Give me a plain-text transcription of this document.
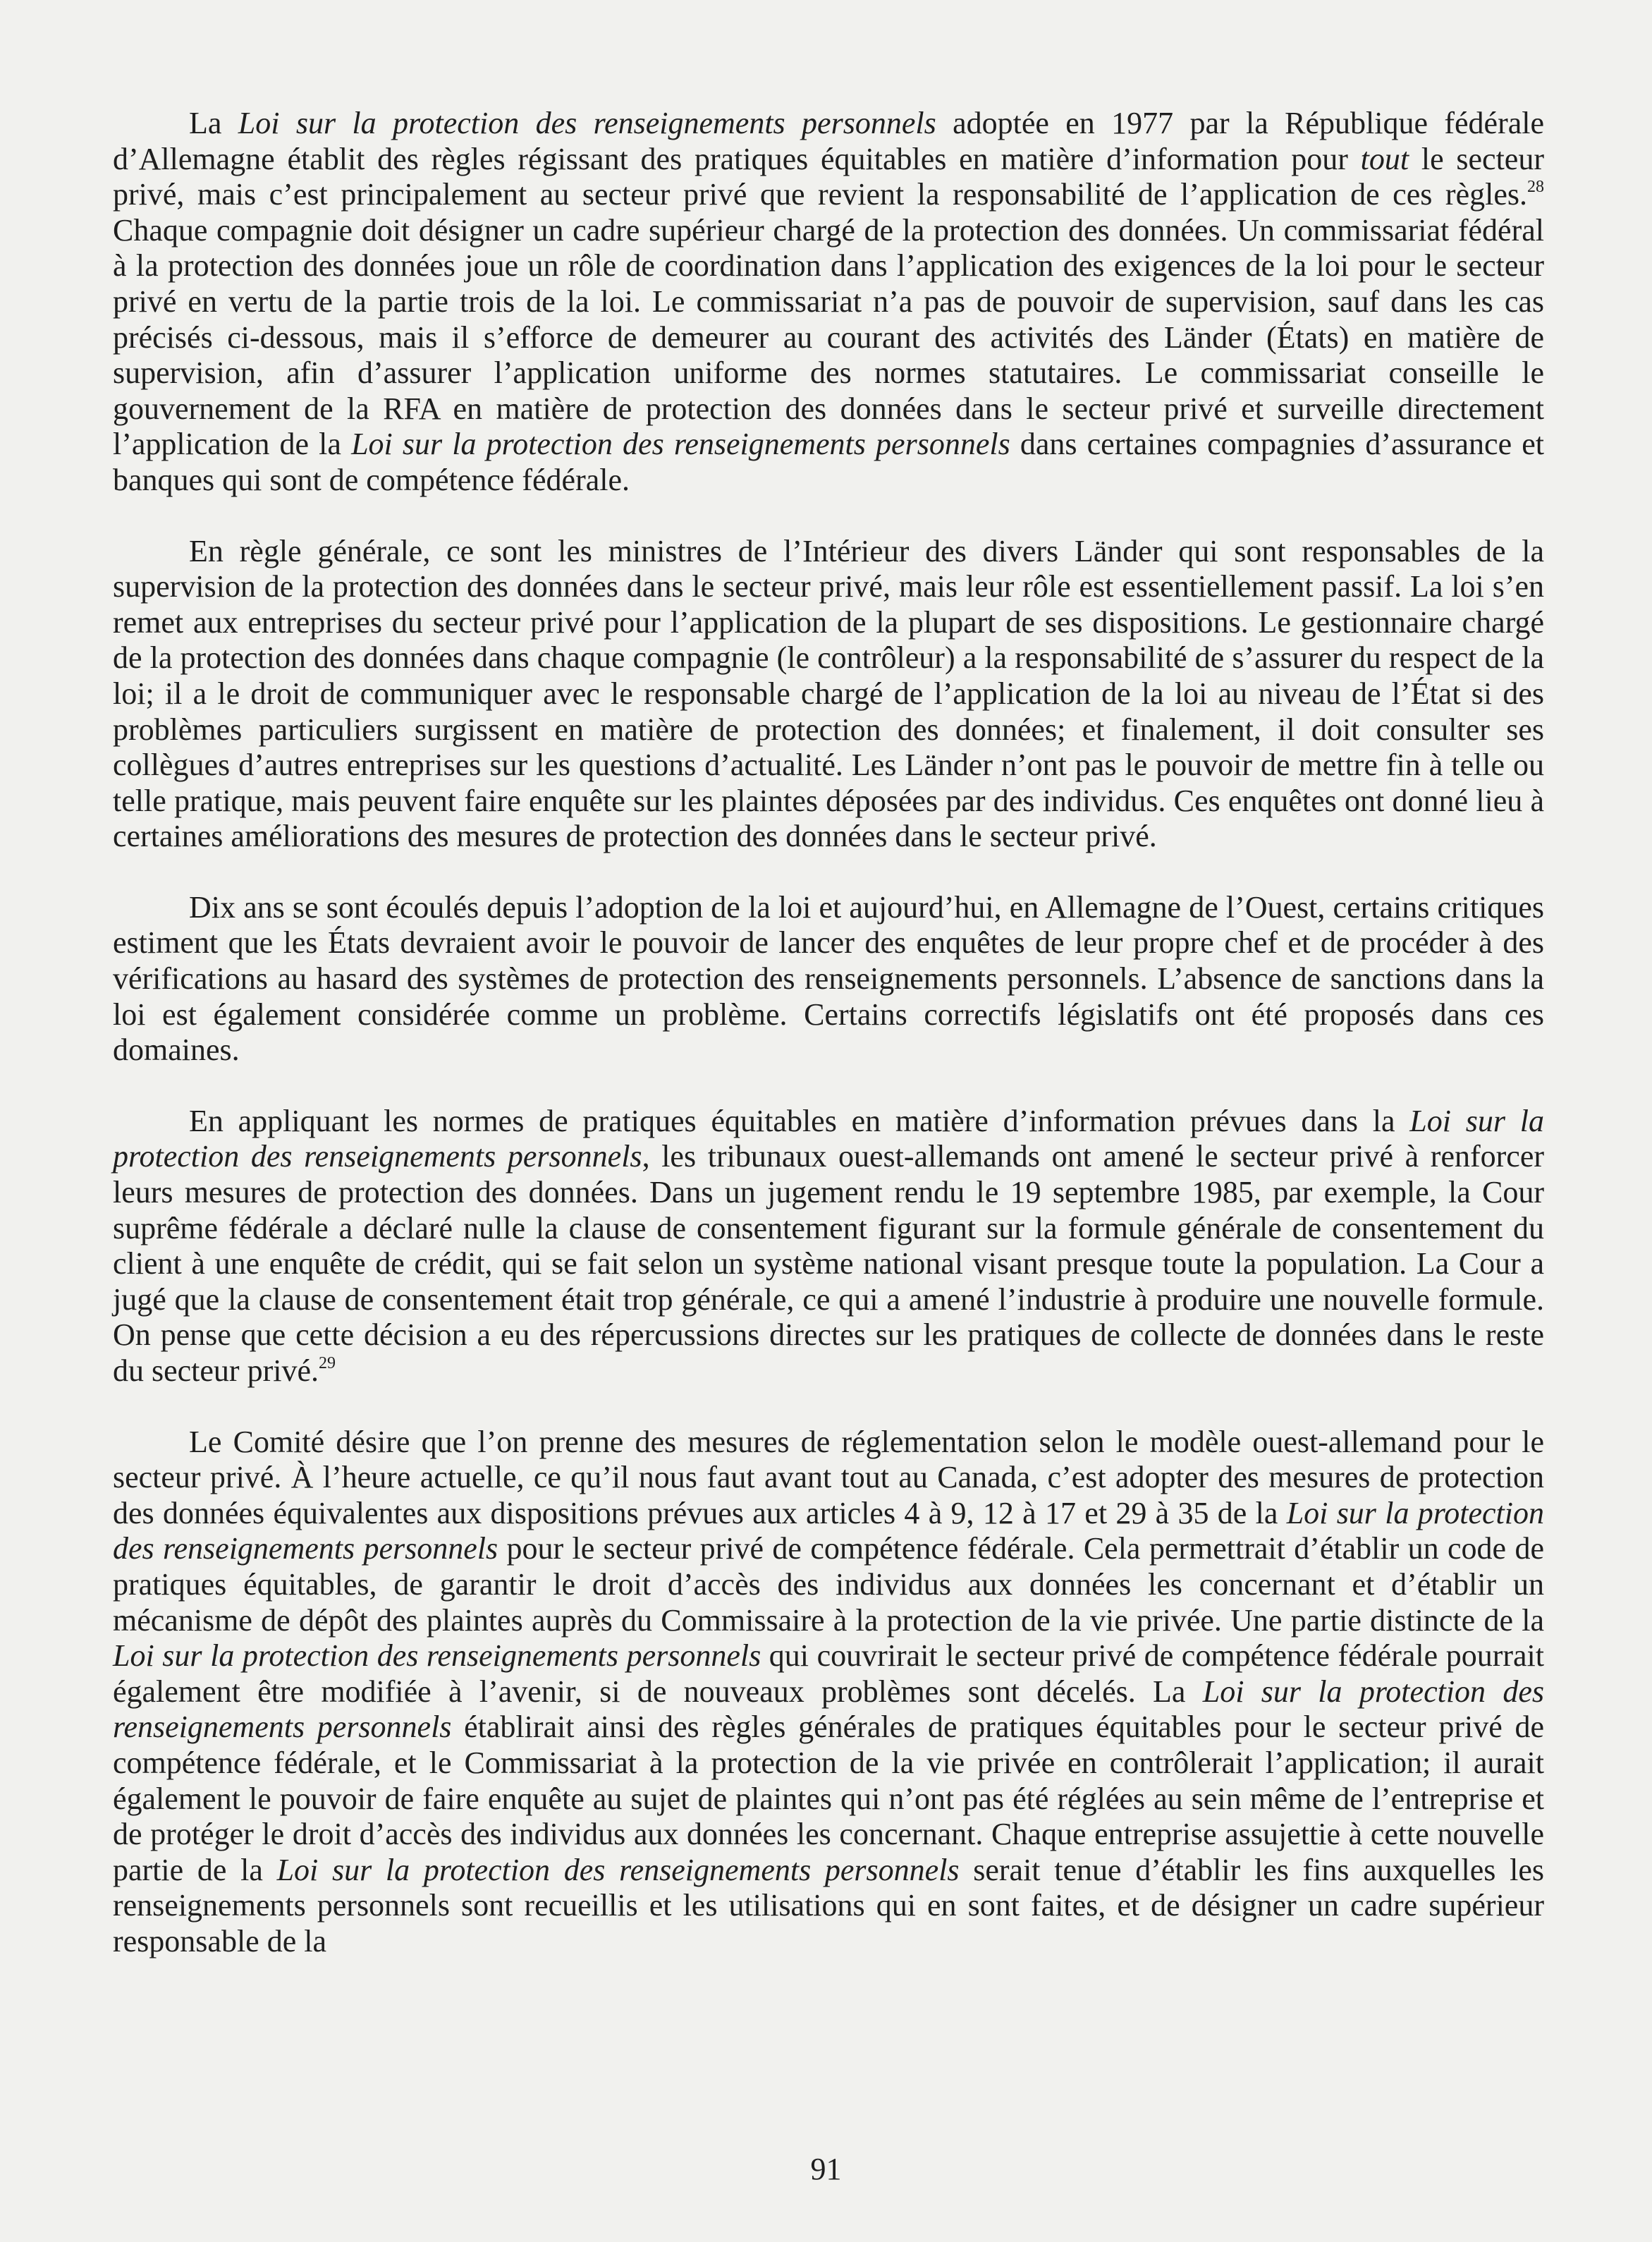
La Loi sur la protection des renseignements personnels adoptée en 1977 par la République fédérale d’Allemagne établit des règles régissant des pratiques équitables en matière d’information pour tout le secteur privé, mais c’est principalement au secteur privé que revient la responsabilité de l’application de ces règles.$^{28}$ Chaque compagnie doit désigner un cadre supérieur chargé de la protection des données. Un commissariat fédéral à la protection des données joue un rôle de coordination dans l’application des exigences de la loi pour le secteur privé en vertu de la partie trois de la loi. Le commissariat n’a pas de pouvoir de supervision, sauf dans les cas précisés ci-dessous, mais il s’efforce de demeurer au courant des activités des Länder (États) en matière de supervision, afin d’assurer l’application uniforme des normes statutaires. Le commissariat conseille le gouvernement de la RFA en matière de protection des données dans le secteur privé et surveille directement l’application de la Loi sur la protection des renseignements personnels dans certaines compagnies d’assurance et banques qui sont de compétence fédérale.

En règle générale, ce sont les ministres de l’Intérieur des divers Länder qui sont responsables de la supervision de la protection des données dans le secteur privé, mais leur rôle est essentiellement passif. La loi s’en remet aux entreprises du secteur privé pour l’application de la plupart de ses dispositions. Le gestionnaire chargé de la protection des données dans chaque compagnie (le contrôleur) a la responsabilité de s’assurer du respect de la loi; il a le droit de communiquer avec le responsable chargé de l’application de la loi au niveau de l’État si des problèmes particuliers surgissent en matière de protection des données; et finalement, il doit consulter ses collègues d’autres entreprises sur les questions d’actualité. Les Länder n’ont pas le pouvoir de mettre fin à telle ou telle pratique, mais peuvent faire enquête sur les plaintes déposées par des individus. Ces enquêtes ont donné lieu à certaines améliorations des mesures de protection des données dans le secteur privé.

Dix ans se sont écoulés depuis l’adoption de la loi et aujourd’hui, en Allemagne de l’Ouest, certains critiques estiment que les États devraient avoir le pouvoir de lancer des enquêtes de leur propre chef et de procéder à des vérifications au hasard des systèmes de protection des renseignements personnels. L’absence de sanctions dans la loi est également considérée comme un problème. Certains correctifs législatifs ont été proposés dans ces domaines.

En appliquant les normes de pratiques équitables en matière d’information prévues dans la Loi sur la protection des renseignements personnels, les tribunaux ouest-allemands ont amené le secteur privé à renforcer leurs mesures de protection des données. Dans un jugement rendu le 19 septembre 1985, par exemple, la Cour suprême fédérale a déclaré nulle la clause de consentement figurant sur la formule générale de consentement du client à une enquête de crédit, qui se fait selon un système national visant presque toute la population. La Cour a jugé que la clause de consentement était trop générale, ce qui a amené l’industrie à produire une nouvelle formule. On pense que cette décision a eu des répercussions directes sur les pratiques de collecte de données dans le reste du secteur privé.$^{29}$

Le Comité désire que l’on prenne des mesures de réglementation selon le modèle ouest-allemand pour le secteur privé. À l’heure actuelle, ce qu’il nous faut avant tout au Canada, c’est adopter des mesures de protection des données équivalentes aux dispositions prévues aux articles 4 à 9, 12 à 17 et 29 à 35 de la Loi sur la protection des renseignements personnels pour le secteur privé de compétence fédérale. Cela permettrait d’établir un code de pratiques équitables, de garantir le droit d’accès des individus aux données les concernant et d’établir un mécanisme de dépôt des plaintes auprès du Commissaire à la protection de la vie privée. Une partie distincte de la Loi sur la protection des renseignements personnels qui couvrirait le secteur privé de compétence fédérale pourrait également être modifiée à l’avenir, si de nouveaux problèmes sont décelés. La Loi sur la protection des renseignements personnels établirait ainsi des règles générales de pratiques équitables pour le secteur privé de compétence fédérale, et le Commissariat à la protection de la vie privée en contrôlerait l’application; il aurait également le pouvoir de faire enquête au sujet de plaintes qui n’ont pas été réglées au sein même de l’entreprise et de protéger le droit d’accès des individus aux données les concernant. Chaque entreprise assujettie à cette nouvelle partie de la Loi sur la protection des renseignements personnels serait tenue d’établir les fins auxquelles les renseignements personnels sont recueillis et les utilisations qui en sont faites, et de désigner un cadre supérieur responsable de la

91
